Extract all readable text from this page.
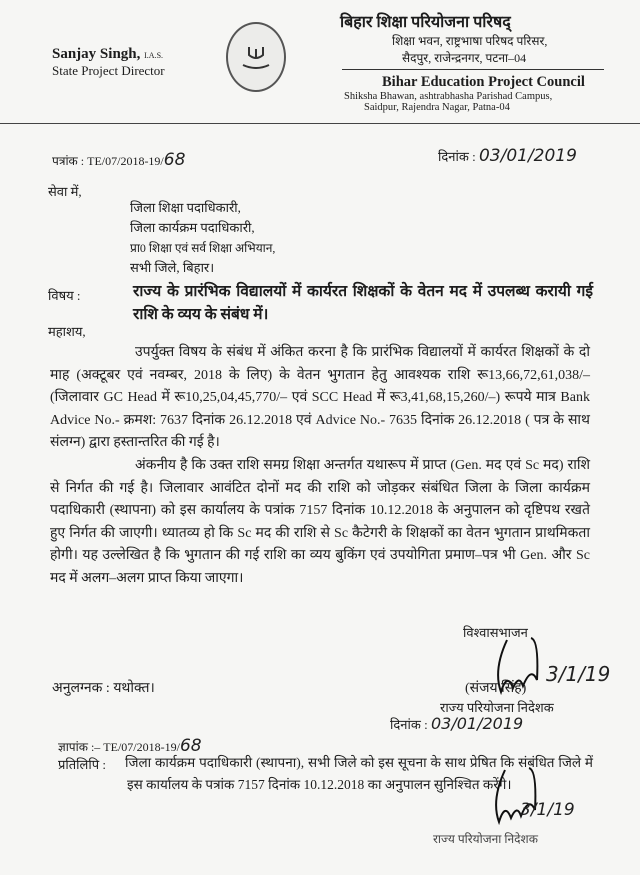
Sanjay Singh, I.A.S.
State Project Director
बिहार शिक्षा परियोजना परिषद्
शिक्षा भवन, राष्ट्रभाषा परिषद परिसर,
सैदपुर, राजेन्द्रनगर, पटना–04
Bihar Education Project Council
Shiksha Bhawan, ashtrabhasha Parishad Campus,
Saidpur, Rajendra Nagar, Patna-04
पत्रांक : TE/07/2018-19/68	दिनांक : 03/01/2019
सेवा में,
जिला शिक्षा पदाधिकारी,
जिला कार्यक्रम पदाधिकारी,
प्रा0 शिक्षा एवं सर्व शिक्षा अभियान,
सभी जिले, बिहार।
विषय :	राज्य के प्रारंभिक विद्यालयों में कार्यरत शिक्षकों के वेतन मद में उपलब्ध करायी गई राशि के व्यय के संबंध में।
महाशय,
उपर्युक्त विषय के संबंध में अंकित करना है कि प्रारंभिक विद्यालयों में कार्यरत शिक्षकों के दो माह (अक्टूबर एवं नवम्बर, 2018 के लिए) के वेतन भुगतान हेतु आवश्यक राशि रू13,66,72,61,038/–(जिलावार GC Head में रू10,25,04,45,770/– एवं SCC Head में रू3,41,68,15,260/–) रूपये मात्र Bank Advice No.- क्रमश: 7637 दिनांक 26.12.2018 एवं Advice No.- 7635 दिनांक 26.12.2018 ( पत्र के साथ संलग्न) द्वारा हस्तान्तरित की गई है।
अंकनीय है कि उक्त राशि समग्र शिक्षा अन्तर्गत यथारूप में प्राप्त (Gen. मद एवं Sc मद) राशि से निर्गत की गई है। जिलावार आवंटित दोनों मद की राशि को जोड़कर संबंधित जिला के जिला कार्यक्रम पदाधिकारी (स्थापना) को इस कार्यालय के पत्रांक 7157 दिनांक 10.12.2018 के अनुपालन को दृष्टिपथ रखते हुए निर्गत की जाएगी। ध्यातव्य हो कि Sc मद की राशि से Sc कैटेगरी के शिक्षकों का वेतन भुगतान प्राथमिकता होगी। यह उल्लेखित है कि भुगतान की गई राशि का व्यय बुकिंग एवं उपयोगिता प्रमाण–पत्र भी Gen. और Sc मद में अलग–अलग प्राप्त किया जाएगा।
विश्वासभाजन
3/1/19
(संजय सिंह)
राज्य परियोजना निदेशक
दिनांक : 03/01/2019
अनुलग्नक : यथोक्त।
ज्ञापांक :– TE/07/2018-19/68
प्रतिलिपि : जिला कार्यक्रम पदाधिकारी (स्थापना), सभी जिले को इस सूचना के साथ प्रेषित कि संबंधित जिले में इस कार्यालय के पत्रांक 7157 दिनांक 10.12.2018 का अनुपालन सुनिश्चित करेंगे।
3/1/19
राज्य परियोजना निदेशक
